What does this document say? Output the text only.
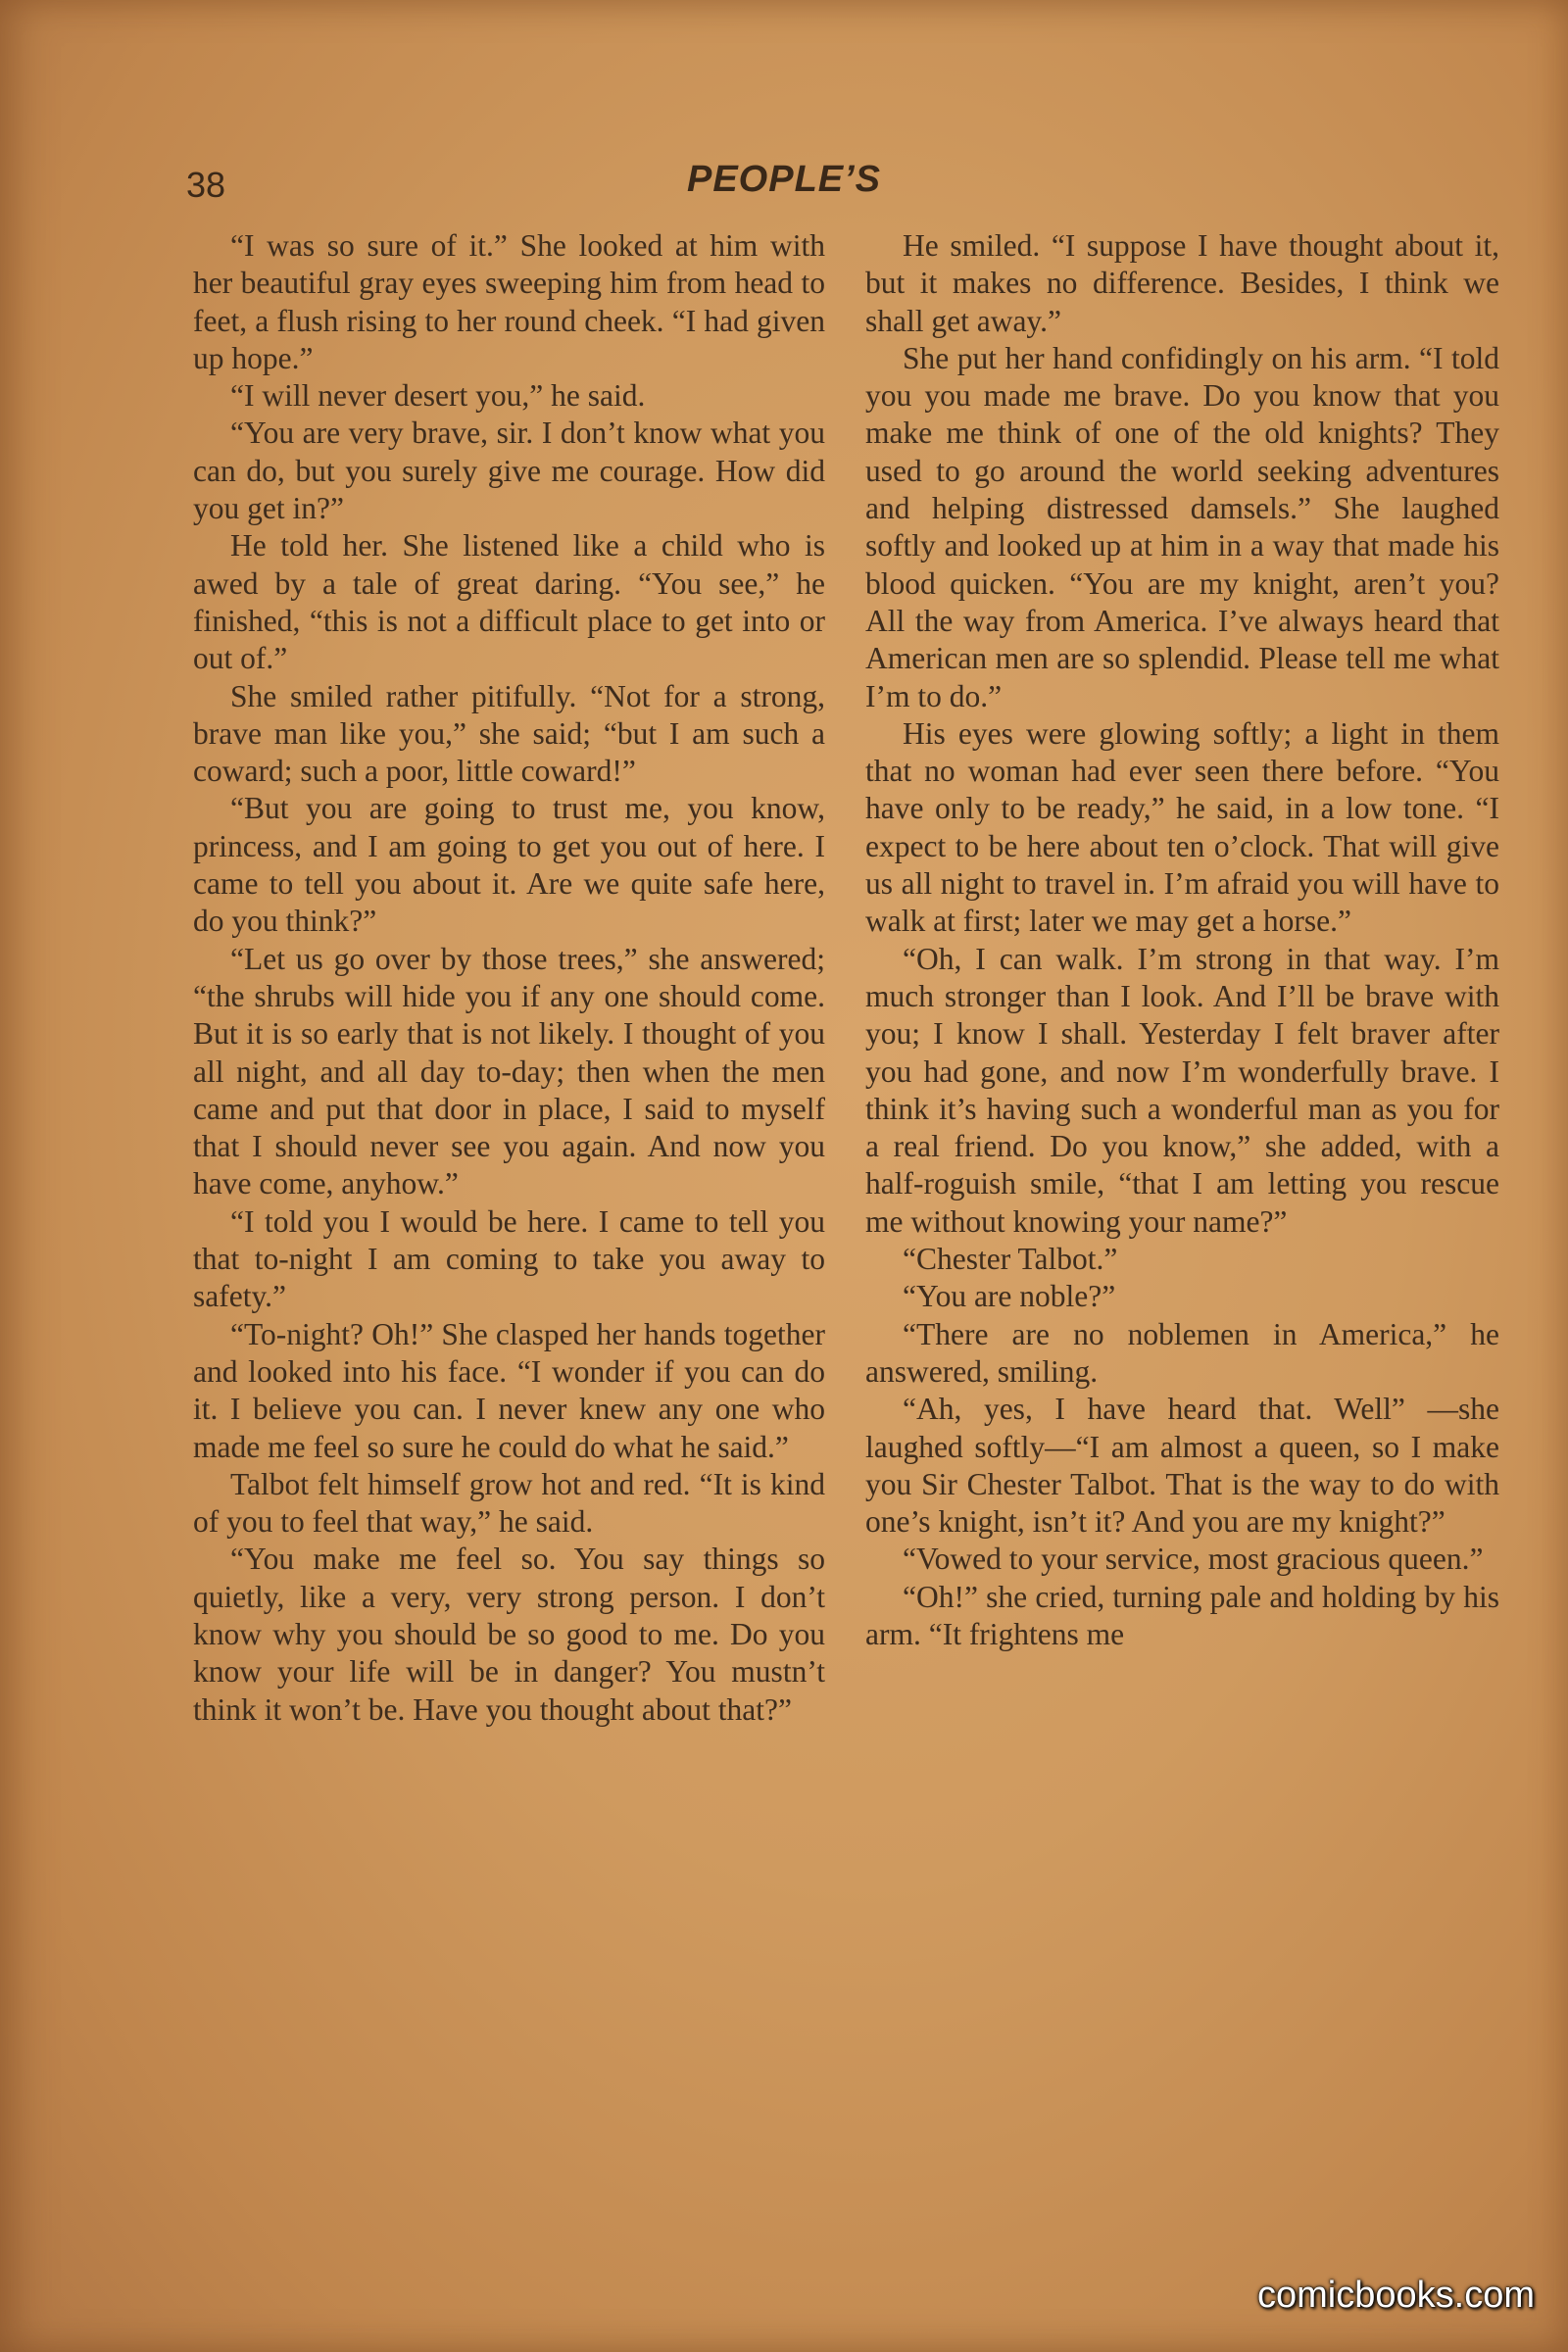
38	PEOPLE’S

“I was so sure of it.” She looked at him with her beautiful gray eyes sweeping him from head to feet, a flush rising to her round cheek. “I had given up hope.”

“I will never desert you,” he said.

“You are very brave, sir. I don’t know what you can do, but you surely give me courage. How did you get in?”

He told her. She listened like a child who is awed by a tale of great daring. “You see,” he finished, “this is not a difficult place to get into or out of.”

She smiled rather pitifully. “Not for a strong, brave man like you,” she said; “but I am such a coward; such a poor, little coward!”

“But you are going to trust me, you know, princess, and I am going to get you out of here. I came to tell you about it. Are we quite safe here, do you think?”

“Let us go over by those trees,” she answered; “the shrubs will hide you if any one should come. But it is so early that is not likely. I thought of you all night, and all day to-day; then when the men came and put that door in place, I said to myself that I should never see you again. And now you have come, anyhow.”

“I told you I would be here. I came to tell you that to-night I am coming to take you away to safety.”

“To-night? Oh!” She clasped her hands together and looked into his face. “I wonder if you can do it. I believe you can. I never knew any one who made me feel so sure he could do what he said.”

Talbot felt himself grow hot and red. “It is kind of you to feel that way,” he said.

“You make me feel so. You say things so quietly, like a very, very strong person. I don’t know why you should be so good to me. Do you know your life will be in danger? You mustn’t think it won’t be. Have you thought about that?”

He smiled. “I suppose I have thought about it, but it makes no difference. Besides, I think we shall get away.”

She put her hand confidingly on his arm. “I told you you made me brave. Do you know that you make me think of one of the old knights? They used to go around the world seeking adventures and helping distressed damsels.” She laughed softly and looked up at him in a way that made his blood quicken. “You are my knight, aren’t you? All the way from America. I’ve always heard that American men are so splendid. Please tell me what I’m to do.”

His eyes were glowing softly; a light in them that no woman had ever seen there before. “You have only to be ready,” he said, in a low tone. “I expect to be here about ten o’clock. That will give us all night to travel in. I’m afraid you will have to walk at first; later we may get a horse.”

“Oh, I can walk. I’m strong in that way. I’m much stronger than I look. And I’ll be brave with you; I know I shall. Yesterday I felt braver after you had gone, and now I’m wonderfully brave. I think it’s having such a wonderful man as you for a real friend. Do you know,” she added, with a half-roguish smile, “that I am letting you rescue me without knowing your name?”

“Chester Talbot.”

“You are noble?”

“There are no noblemen in America,” he answered, smiling.

“Ah, yes, I have heard that. Well” —she laughed softly—“I am almost a queen, so I make you Sir Chester Talbot. That is the way to do with one’s knight, isn’t it? And you are my knight?”

“Vowed to your service, most gracious queen.”

“Oh!” she cried, turning pale and holding by his arm. “It frightens me

comicbooks.com
